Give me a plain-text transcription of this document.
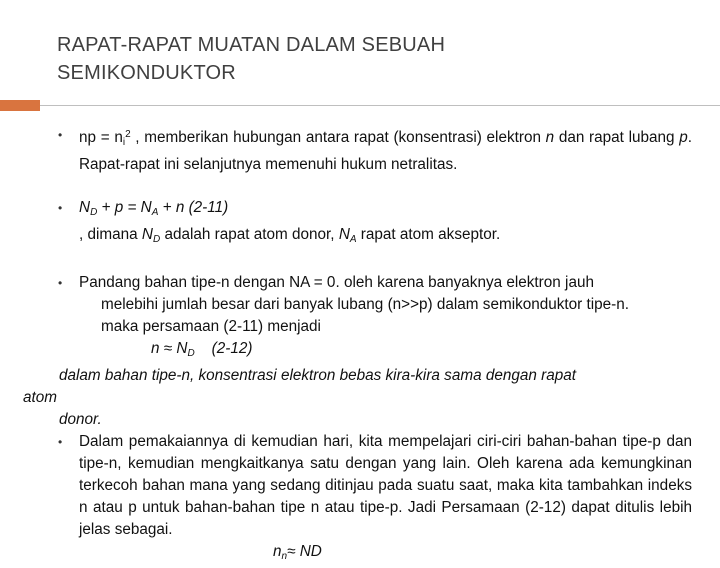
RAPAT-RAPAT MUATAN DALAM SEBUAH
SEMIKONDUKTOR
• np = $n_i^2$ , memberikan hubungan antara rapat (konsentrasi) elektron n dan rapat lubang p. Rapat-rapat ini selanjutnya memenuhi hukum netralitas.
• $N_D + p = N_A + n$ (2-11)
, dimana $N_D$ adalah rapat atom donor, $N_A$ rapat atom akseptor.
• Pandang bahan tipe-n dengan NA = 0. oleh karena banyaknya elektron jauh
melebihi jumlah besar dari banyak lubang (n>>p) dalam semikonduktor tipe-n.
maka persamaan (2-11) menjadi
$n \approx N_D$    (2-12)
dalam bahan tipe-n, konsentrasi elektron bebas kira-kira sama dengan rapat
atom
donor.
• Dalam pemakaiannya di kemudian hari, kita mempelajari ciri-ciri bahan-bahan tipe-p dan tipe-n, kemudian mengkaitkanya satu dengan yang lain. Oleh karena ada kemungkinan terkecoh bahan mana yang sedang ditinjau pada suatu saat, maka kita tambahkan indeks n atau p untuk bahan-bahan tipe n atau tipe-p. Jadi Persamaan (2-12) dapat ditulis lebih jelas sebagai.
$n_n\approx$ ND
